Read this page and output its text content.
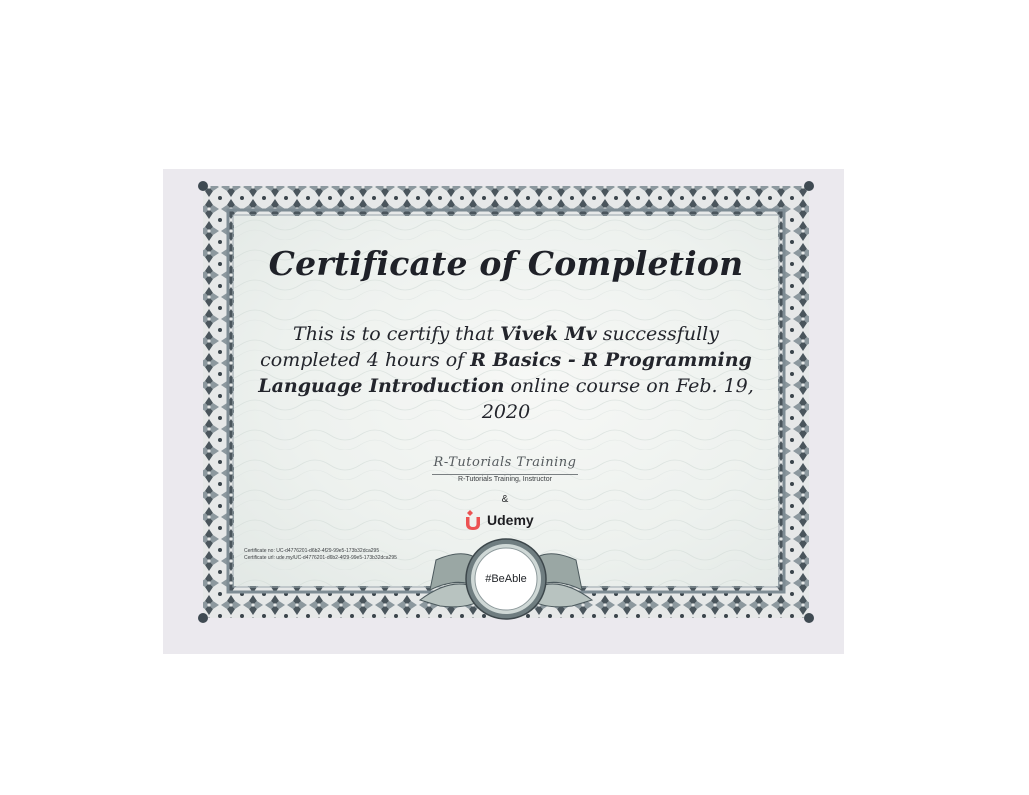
Certificate of Completion

This is to certify that Vivek Mv successfully completed 4 hours of R Basics - R Programming Language Introduction online course on Feb. 19, 2020

R-Tutorials Training
R-Tutorials Training, Instructor
&
Udemy
Certificate no: UC-d4776201-d6b2-4f29-99e5-173b32dca295
Certificate url: ude.my/UC-d4776201-d6b2-4f29-99e5-173b32dca295
#BeAble
